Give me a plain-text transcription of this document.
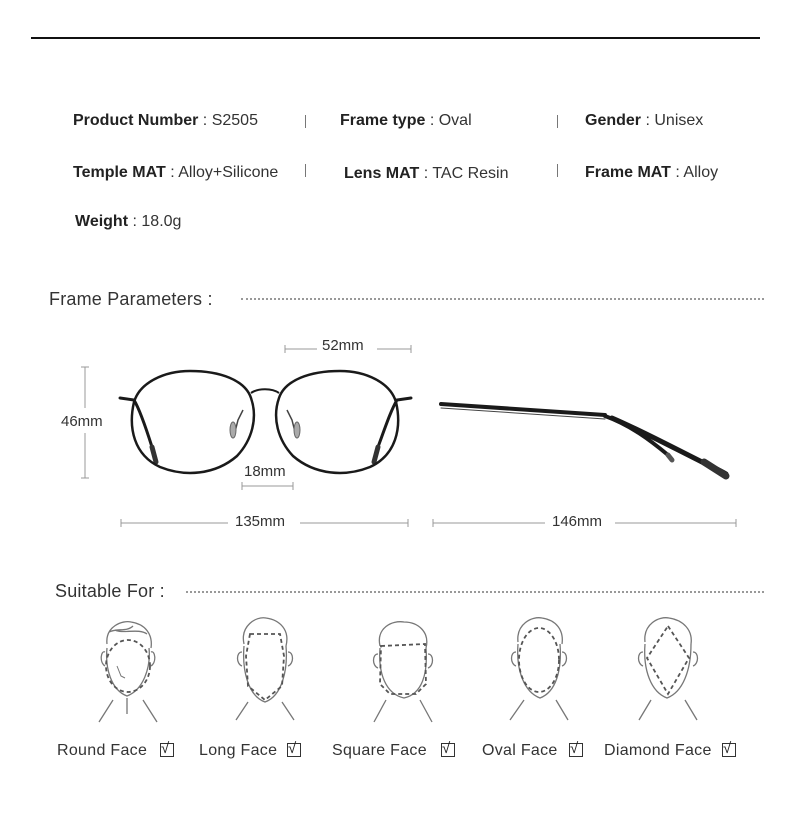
Product Number : S2505	Frame type : Oval	Gender : Unisex
Temple MAT : Alloy+Silicone	Lens MAT : TAC Resin	Frame MAT : Alloy
Weight : 18.0g
Frame Parameters :
52mm
46mm
18mm
135mm	146mm
Suitable For :
Round Face √ Long Face √ Square Face √ Oval Face √ Diamond Face √
